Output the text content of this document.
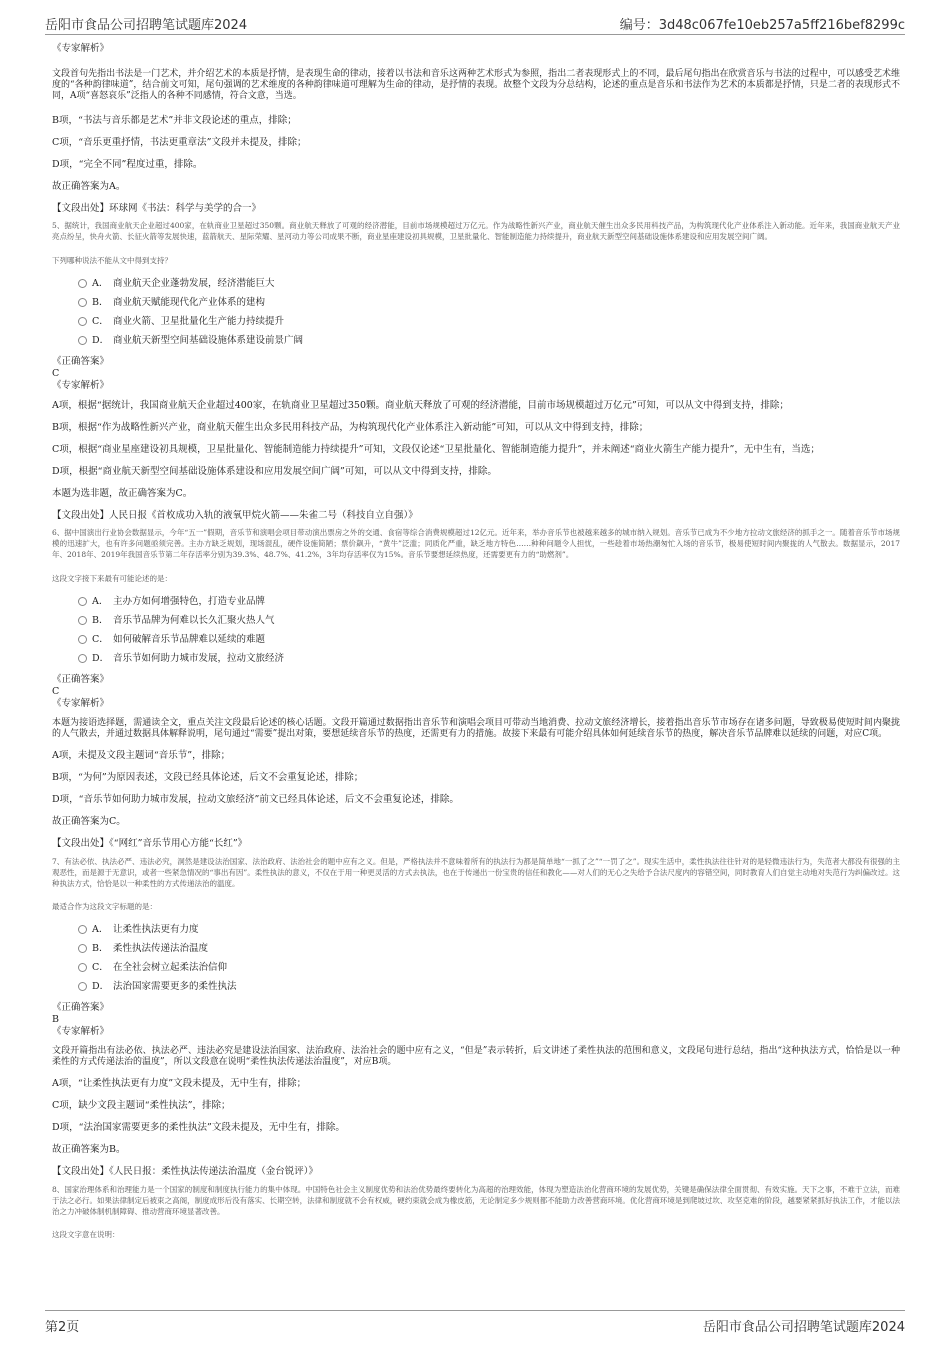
岳阳市食品公司招聘笔试题库2024	编号：3d48c067fe10eb257a5ff216bef8299c

《专家解析》

文段首句先指出书法是一门艺术，并介绍艺术的本质是抒情，是表现生命的律动，接着以书法和音乐这两种艺术形式为参照，指出二者表现形式上的不同，最后尾句指出在欣赏音乐与书法的过程中，可以感受艺术维度的“各种韵律味道”，结合前文可知，尾句强调的艺术维度的各种韵律味道可理解为生命的律动，是抒情的表现。故整个文段为分总结构，论述的重点是音乐和书法作为艺术的本质都是抒情，只是二者的表现形式不同，A项“喜怒哀乐”泛指人的各种不同感情，符合文意，当选。

B项，“书法与音乐都是艺术”并非文段论述的重点，排除；

C项，“音乐更重抒情，书法更重章法”文段并未提及，排除；

D项，“完全不同”程度过重，排除。

故正确答案为A。

【文段出处】环球网《书法：科学与美学的合一》

5、据统计，我国商业航天企业超过400家，在轨商业卫星超过350颗。商业航天释放了可观的经济潜能，目前市场规模超过万亿元。作为战略性新兴产业，商业航天催生出众多民用科技产品，为构筑现代化产业体系注入新动能。近年来，我国商业航天产业亮点纷呈，快舟火箭、长征火箭等发展快速，蓝箭航天、星际荣耀、星河动力等公司成果不断，商业星座建设初具规模，卫星批量化、智能制造能力持续提升，商业航天新型空间基础设施体系建设和应用发展空间广阔。

下列哪种说法不能从文中得到支持？

A． 商业航天企业蓬勃发展，经济潜能巨大
B． 商业航天赋能现代化产业体系的建构
C． 商业火箭、卫星批量化生产能力持续提升
D． 商业航天新型空间基础设施体系建设前景广阔

《正确答案》

C

《专家解析》

A项，根据“据统计，我国商业航天企业超过400家，在轨商业卫星超过350颗。商业航天释放了可观的经济潜能，目前市场规模超过万亿元”可知，可以从文中得到支持，排除；

B项，根据“作为战略性新兴产业，商业航天催生出众多民用科技产品，为构筑现代化产业体系注入新动能”可知，可以从文中得到支持，排除；

C项，根据“商业星座建设初具规模，卫星批量化、智能制造能力持续提升”可知，文段仅论述“卫星批量化、智能制造能力提升”，并未阐述“商业火箭生产能力提升”，无中生有，当选；

D项，根据“商业航天新型空间基础设施体系建设和应用发展空间广阔”可知，可以从文中得到支持，排除。

本题为选非题，故正确答案为C。

【文段出处】人民日报《首枚成功入轨的液氧甲烷火箭——朱雀二号（科技自立自强）》

6、据中国演出行业协会数据显示，今年“五一”假期，音乐节和演唱会项目带动演出票房之外的交通、食宿等综合消费规模超过12亿元。近年来，举办音乐节也被越来越多的城市纳入规划。音乐节已成为不少地方拉动文旅经济的抓手之一。随着音乐节市场规模的迅速扩大，也有许多问题亟须完善。主办方缺乏规划，现场混乱，硬件设施简陋；票价飙升，“黄牛”泛滥；同质化严重，缺乏地方特色……种种问题令人担忧，一些趁着市场热潮匆忙入场的音乐节，极易使短时间内聚拢的人气散去。数据显示，2017年、2018年、2019年我国音乐节第二年存活率分别为39.3%、48.7%、41.2%，3年均存活率仅为15%。音乐节要想延续热度，还需要更有力的“助燃剂”。

这段文字接下来最有可能论述的是：

A． 主办方如何增强特色，打造专业品牌
B． 音乐节品牌为何难以长久汇聚火热人气
C． 如何破解音乐节品牌难以延续的难题
D． 音乐节如何助力城市发展，拉动文旅经济

《正确答案》

C

《专家解析》

本题为接语选择题，需通读全文，重点关注文段最后论述的核心话题。文段开篇通过数据指出音乐节和演唱会项目可带动当地消费、拉动文旅经济增长，接着指出音乐节市场存在诸多问题，导致极易使短时间内聚拢的人气散去，并通过数据具体解释说明，尾句通过“需要”提出对策，要想延续音乐节的热度，还需更有力的措施。故接下来最有可能介绍具体如何延续音乐节的热度，解决音乐节品牌难以延续的问题，对应C项。

A项，未提及文段主题词“音乐节”，排除；

B项，“为何”为原因表述，文段已经具体论述，后文不会重复论述，排除；

D项，“音乐节如何助力城市发展，拉动文旅经济”前文已经具体论述，后文不会重复论述，排除。

故正确答案为C。

【文段出处】《“网红”音乐节用心方能“长红”》

7、有法必依、执法必严、违法必究，洞然是建设法治国家、法治政府、法治社会的题中应有之义。但是，严格执法并不意味着所有的执法行为都是简单地“一抓了之”“一罚了之”。现实生活中，柔性执法往往针对的是轻微违法行为，失范者大都没有很强的主观恶性，而是源于无意识，或者一些紧急情况的“事出有因”。柔性执法的意义，不仅在于用一种更灵活的方式去执法，也在于传递出一份宝贵的信任和教化——对人们的无心之失给予合法尺度内的容错空间，同时教育人们自觉主动地对失范行为纠偏改过。这种执法方式，恰恰是以一种柔性的方式传递法治的温度。

最适合作为这段文字标题的是：

A． 让柔性执法更有力度
B． 柔性执法传递法治温度
C． 在全社会树立起柔法治信仰
D． 法治国家需要更多的柔性执法

《正确答案》

B

《专家解析》

文段开篇指出有法必依、执法必严、违法必究是建设法治国家、法治政府、法治社会的题中应有之义，“但是”表示转折，后文讲述了柔性执法的范围和意义，文段尾句进行总结，指出“这种执法方式，恰恰是以一种柔性的方式传递法治的温度”，所以文段意在说明“柔性执法传递法治温度”，对应B项。

A项，“让柔性执法更有力度”文段未提及，无中生有，排除；

C项，缺少文段主题词“柔性执法”，排除；

D项，“法治国家需要更多的柔性执法”文段未提及，无中生有，排除。

故正确答案为B。

【文段出处】《人民日报：柔性执法传递法治温度（金台锐评）》

8、国家治理体系和治理能力是一个国家的制度和制度执行能力的集中体现。中国特色社会主义制度优势和法治优势最终要转化为高超的治理效能，体现为塑造法治化营商环境的发展优势，关键是确保法律全面贯彻、有效实施。天下之事，不难于立法，而难于法之必行。如果法律制定后被束之高阁，制度成形后没有落实、长期空转，法律和制度就不会有权威，硬约束就会成为橡皮筋，无论制定多少规则都不能助力改善营商环境。优化营商环境是到爬坡过坎、攻坚克难的阶段，越要紧紧抓好执法工作，才能以法治之力冲破体制机制障碍、推动营商环境显著改善。

这段文字意在说明：

第2页	岳阳市食品公司招聘笔试题库2024
